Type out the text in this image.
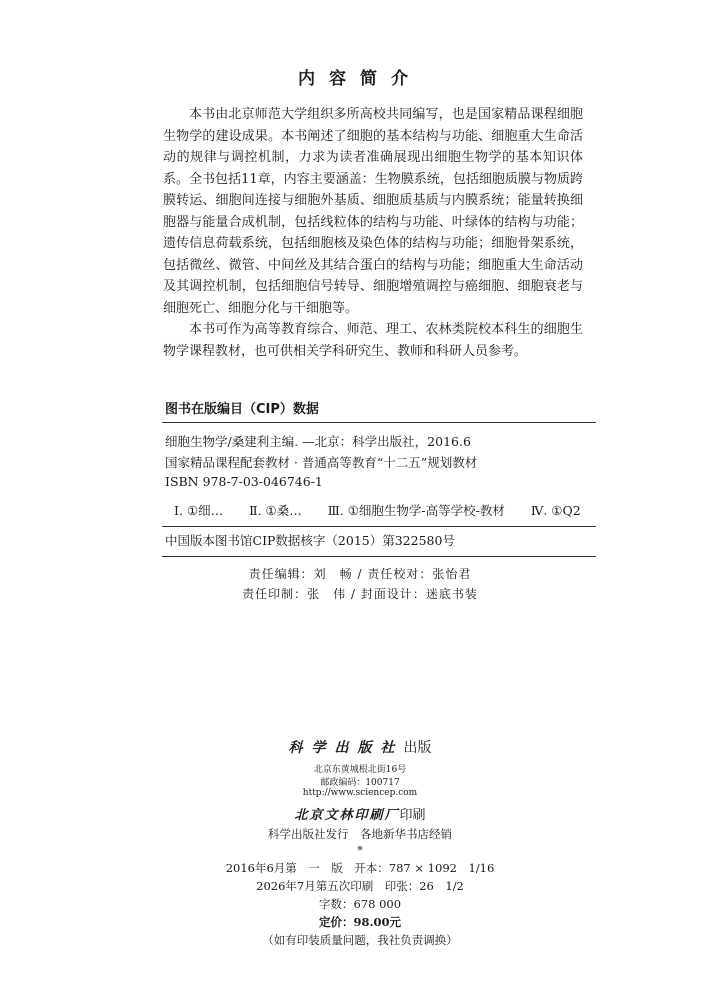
内容简介

本书由北京师范大学组织多所高校共同编写，也是国家精品课程细胞生物学的建设成果。本书阐述了细胞的基本结构与功能、细胞重大生命活动的规律与调控机制，力求为读者准确展现出细胞生物学的基本知识体系。全书包括11章，内容主要涵盖：生物膜系统，包括细胞质膜与物质跨膜转运、细胞间连接与细胞外基质、细胞质基质与内膜系统；能量转换细胞器与能量合成机制，包括线粒体的结构与功能、叶绿体的结构与功能；遗传信息荷载系统，包括细胞核及染色体的结构与功能；细胞骨架系统，包括微丝、微管、中间丝及其结合蛋白的结构与功能；细胞重大生命活动及其调控机制，包括细胞信号转导、细胞增殖调控与癌细胞、细胞衰老与细胞死亡、细胞分化与干细胞等。

本书可作为高等教育综合、师范、理工、农林类院校本科生的细胞生物学课程教材，也可供相关学科研究生、教师和科研人员参考。

图书在版编目（CIP）数据
细胞生物学/桑建利主编. —北京：科学出版社，2016.6
国家精品课程配套教材 · 普通高等教育“十二五”规划教材
ISBN 978-7-03-046746-1
Ⅰ. ①细… Ⅱ. ①桑… Ⅲ. ①细胞生物学-高等学校-教材 Ⅳ. ①Q2
中国版本图书馆CIP数据核字（2015）第322580号
责任编辑：刘　畅 / 责任校对：张怡君
责任印制：张　伟 / 封面设计：迷底书装
科学出版社出版
北京东黄城根北街16号
邮政编码：100717
http://www.sciencep.com
北京文林印刷厂印刷
科学出版社发行　各地新华书店经销
*
2016年6月第　一　版　开本：787 × 1092　1/16
2026年7月第五次印刷　印张：26　1/2
字数：678 000
定价：98.00元
（如有印装质量问题，我社负责调换）
